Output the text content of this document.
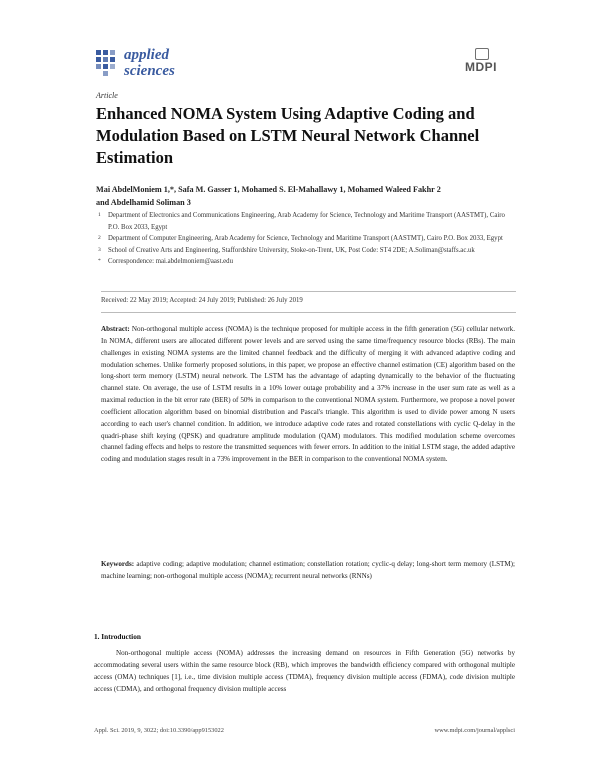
applied
sciences	MDPI
Article
Enhanced NOMA System Using Adaptive Coding and Modulation Based on LSTM Neural Network Channel Estimation
Mai AbdelMoniem 1,*, Safa M. Gasser 1, Mohamed S. El-Mahallawy 1, Mohamed Waleed Fakhr 2
and Abdelhamid Soliman 3
1 Department of Electronics and Communications Engineering, Arab Academy for Science, Technology and Maritime Transport (AASTMT), Cairo P.O. Box 2033, Egypt
2 Department of Computer Engineering, Arab Academy for Science, Technology and Maritime Transport (AASTMT), Cairo P.O. Box 2033, Egypt
3 School of Creative Arts and Engineering, Staffordshire University, Stoke-on-Trent, UK, Post Code: ST4 2DE; A.Soliman@staffs.ac.uk
* Correspondence: mai.abdelmoniem@aast.edu
Received: 22 May 2019; Accepted: 24 July 2019; Published: 26 July 2019
Abstract: Non-orthogonal multiple access (NOMA) is the technique proposed for multiple access in the fifth generation (5G) cellular network. In NOMA, different users are allocated different power levels and are served using the same time/frequency resource blocks (RBs). The main challenges in existing NOMA systems are the limited channel feedback and the difficulty of merging it with advanced adaptive coding and modulation schemes. Unlike formerly proposed solutions, in this paper, we propose an effective channel estimation (CE) algorithm based on the long-short term memory (LSTM) neural network. The LSTM has the advantage of adapting dynamically to the behavior of the fluctuating channel state. On average, the use of LSTM results in a 10% lower outage probability and a 37% increase in the user sum rate as well as a maximal reduction in the bit error rate (BER) of 50% in comparison to the conventional NOMA system. Furthermore, we propose a novel power coefficient allocation algorithm based on binomial distribution and Pascal's triangle. This algorithm is used to divide power among N users according to each user's channel condition. In addition, we introduce adaptive code rates and rotated constellations with cyclic Q-delay in the quadri-phase shift keying (QPSK) and quadrature amplitude modulation (QAM) modulators. This modified modulation scheme overcomes channel fading effects and helps to restore the transmitted sequences with fewer errors. In addition to the initial LSTM stage, the added adaptive coding and modulation stages result in a 73% improvement in the BER in comparison to the conventional NOMA system.
Keywords: adaptive coding; adaptive modulation; channel estimation; constellation rotation; cyclic-q delay; long-short term memory (LSTM); machine learning; non-orthogonal multiple access (NOMA); recurrent neural networks (RNNs)
1. Introduction
Non-orthogonal multiple access (NOMA) addresses the increasing demand on resources in Fifth Generation (5G) networks by accommodating several users within the same resource block (RB), which improves the bandwidth efficiency compared with orthogonal multiple access (OMA) techniques [1], i.e., time division multiple access (TDMA), frequency division multiple access (FDMA), code division multiple access (CDMA), and orthogonal frequency division multiple access
Appl. Sci. 2019, 9, 3022; doi:10.3390/app9153022	www.mdpi.com/journal/applsci
